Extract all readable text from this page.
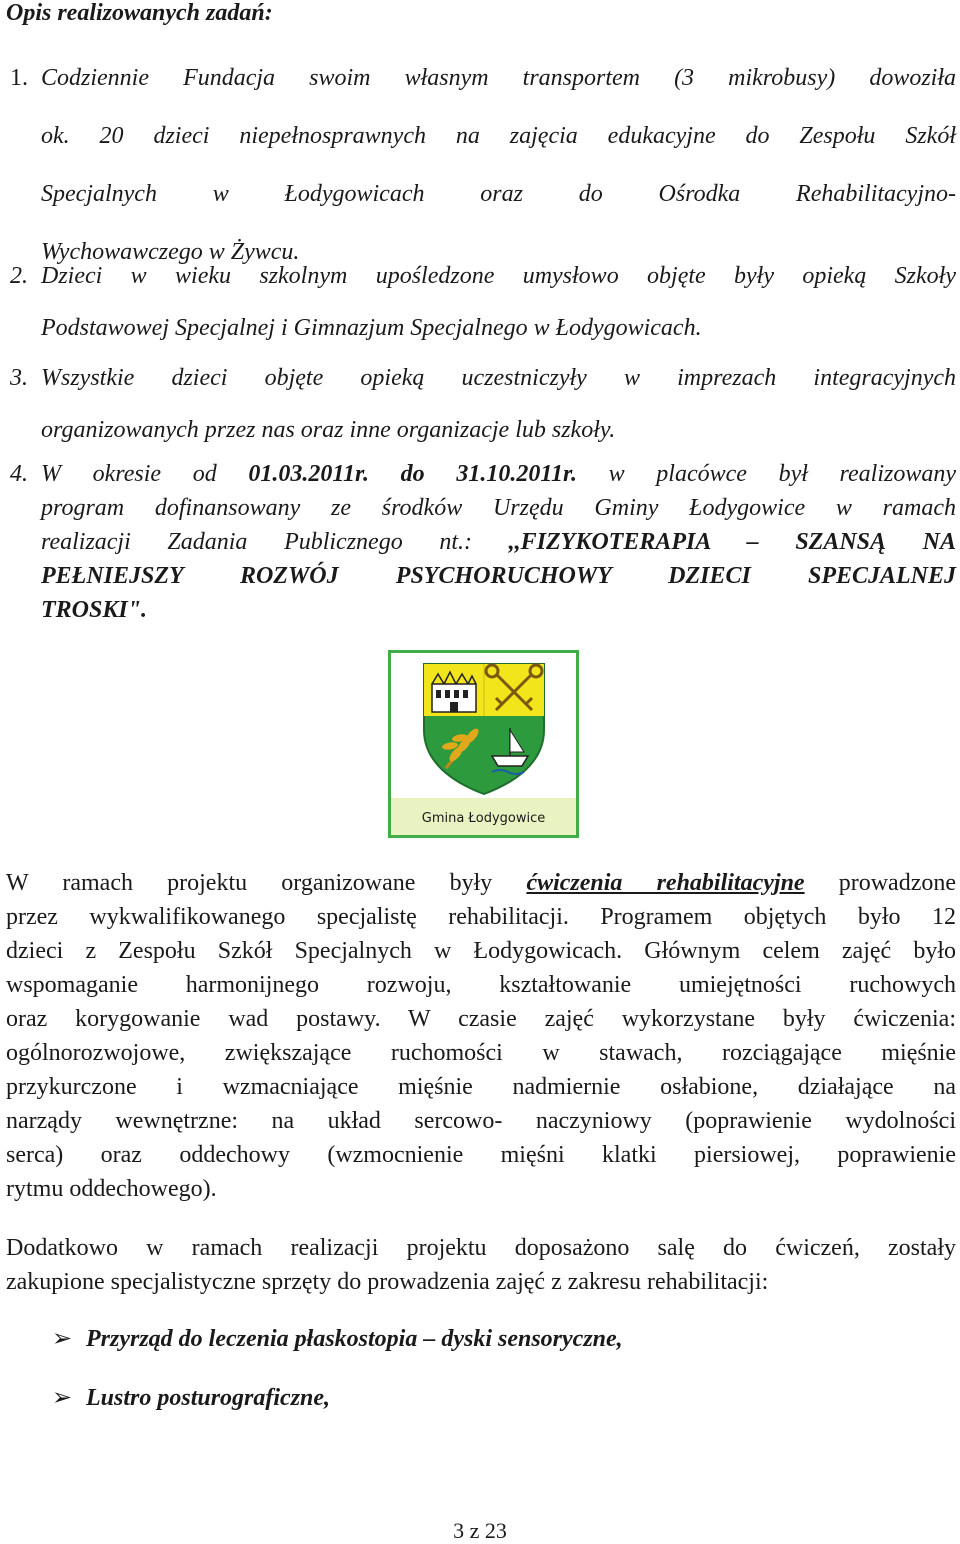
Opis realizowanych zadań:
1. Codziennie Fundacja swoim własnym transportem (3 mikrobusy) dowoziła
ok. 20 dzieci niepełnosprawnych na zajęcia edukacyjne do Zespołu Szkół
Specjalnych w Łodygowicach oraz do Ośrodka Rehabilitacyjno-
Wychowawczego w Żywcu.
2. Dzieci w wieku szkolnym upośledzone umysłowo objęte były opieką Szkoły
Podstawowej Specjalnej i Gimnazjum Specjalnego w Łodygowicach.
3. Wszystkie dzieci objęte opieką uczestniczyły w imprezach integracyjnych
organizowanych przez nas oraz inne organizacje lub szkoły.
4. W okresie od 01.03.2011r. do 31.10.2011r. w placówce był realizowany
program dofinansowany ze środków Urzędu Gminy Łodygowice w ramach
realizacji Zadania Publicznego nt.: ,,FIZYKOTERAPIA – SZANSĄ NA
PEŁNIEJSZY ROZWÓJ PSYCHORUCHOWY DZIECI SPECJALNEJ
TROSKI".
Gmina Łodygowice
W ramach projektu organizowane były ćwiczenia rehabilitacyjne prowadzone
przez wykwalifikowanego specjalistę rehabilitacji. Programem objętych było 12
dzieci z Zespołu Szkół Specjalnych w Łodygowicach. Głównym celem zajęć było
wspomaganie harmonijnego rozwoju, kształtowanie umiejętności ruchowych
oraz korygowanie wad postawy. W czasie zajęć wykorzystane były ćwiczenia:
ogólnorozwojowe, zwiększające ruchomości w stawach, rozciągające mięśnie
przykurczone i wzmacniające mięśnie nadmiernie osłabione, działające na
narządy wewnętrzne: na układ sercowo- naczyniowy (poprawienie wydolności
serca) oraz oddechowy (wzmocnienie mięśni klatki piersiowej, poprawienie
rytmu oddechowego).
Dodatkowo w ramach realizacji projektu doposażono salę do ćwiczeń, zostały
zakupione specjalistyczne sprzęty do prowadzenia zajęć z zakresu rehabilitacji:
➢ Przyrząd do leczenia płaskostopia – dyski sensoryczne,
➢ Lustro posturograficzne,
3 z 23
